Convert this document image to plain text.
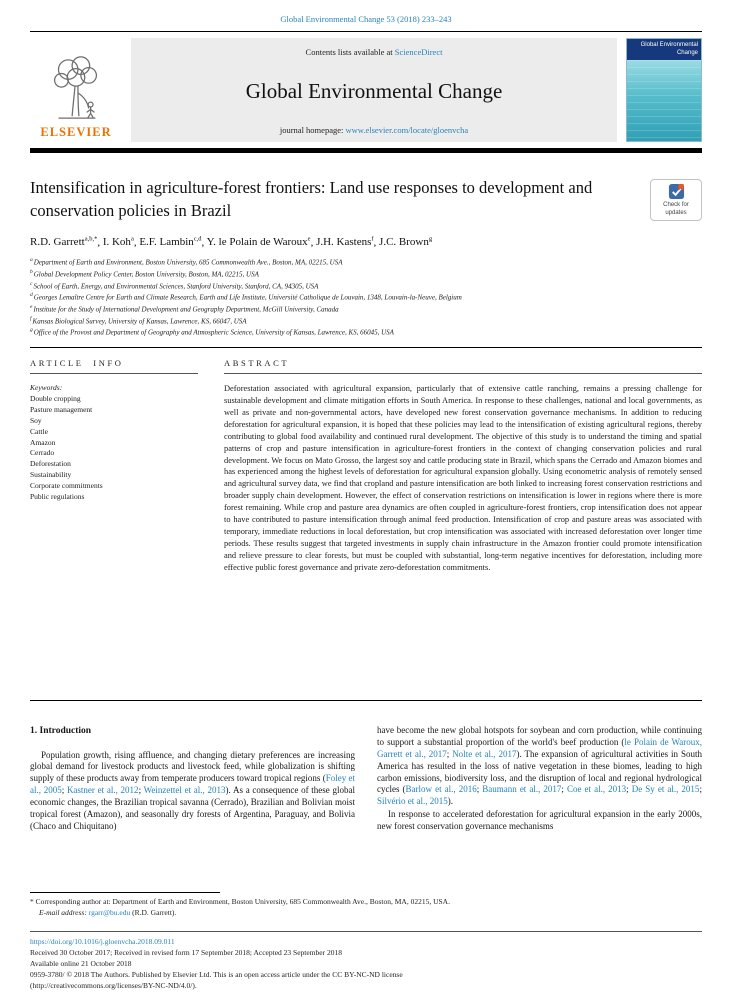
Global Environmental Change 53 (2018) 233–243
ELSEVIER
Contents lists available at ScienceDirect
Global Environmental Change
journal homepage: www.elsevier.com/locate/gloenvcha
Global Environmental Change
Intensification in agriculture-forest frontiers: Land use responses to development and conservation policies in Brazil	Check for
updates
R.D. Garrett$^{a,b,*}$, I. Koh$^a$, E.F. Lambin$^{c,d}$, Y. le Polain de Waroux$^e$, J.H. Kastens$^f$, J.C. Brown$^g$
$^a$Department of Earth and Environment, Boston University, 685 Commonwealth Ave., Boston, MA, 02215, USA
$^b$Global Development Policy Center, Boston University, Boston, MA, 02215, USA
$^c$School of Earth, Energy, and Environmental Sciences, Stanford University, Stanford, CA, 94305, USA
$^d$Georges Lemaître Centre for Earth and Climate Research, Earth and Life Institute, Université Catholique de Louvain, 1348, Louvain-la-Neuve, Belgium
$^e$Institute for the Study of International Development and Geography Department, McGill University, Canada
$^f$Kansas Biological Survey, University of Kansas, Lawrence, KS, 66047, USA
$^g$Office of the Provost and Department of Geography and Atmospheric Science, University of Kansas, Lawrence, KS, 66045, USA
ARTICLE INFO
Keywords:
Double cropping
Pasture management
Soy
Cattle
Amazon
Cerrado
Deforestation
Sustainability
Corporate commitments
Public regulations
ABSTRACT

Deforestation associated with agricultural expansion, particularly that of extensive cattle ranching, remains a pressing challenge for sustainable development and climate mitigation efforts in South America. In response to these challenges, national and local governments, as well as private and non-governmental actors, have developed new forest conservation governance mechanisms. In addition to reducing deforestation for agricultural expansion, it is hoped that these policies may lead to the intensification of existing agricultural regions, thereby contributing to global food availability and continued rural development. The objective of this study is to understand the timing and spatial patterns of crop and pasture intensification in agriculture-forest frontiers in the context of changing conservation policies and rural development. We focus on Mato Grosso, the largest soy and cattle producing state in Brazil, which spans the Cerrado and Amazon biomes and has experienced among the highest levels of deforestation for agricultural expansion globally. Using econometric analysis of remotely sensed and agricultural survey data, we find that cropland and pasture intensification are both linked to increasing forest conservation restrictions and broader supply chain development. However, the effect of conservation restrictions on intensification is lower in regions where there is more forest remaining. While crop and pasture area dynamics are often coupled in agriculture-forest frontiers, crop intensification does not appear to have contributed to pasture intensification through animal feed production. Intensification of crop and pasture areas was associated with temporary, immediate reductions in local deforestation, but crop intensification was associated with increased deforestation over longer time periods. These results suggest that targeted investments in supply chain infrastructure in the Amazon frontier could promote intensification and relieve pressure to clear forests, but must be coupled with substantial, long-term negative incentives for deforestation, including more effective public forest governance and private zero-deforestation commitments.

1. Introduction

Population growth, rising affluence, and changing dietary preferences are increasing global demand for livestock products and livestock feed, while globalization is shifting supply of these products away from temperate producers toward tropical regions (Foley et al., 2005; Kastner et al., 2012; Weinzettel et al., 2013). As a consequence of these global economic changes, the Brazilian tropical savanna (Cerrado), Brazilian and Bolivian moist tropical forest (Amazon), and seasonally dry forests of Argentina, Paraguay, and Bolivia (Chaco and Chiquitano)

have become the new global hotspots for soybean and corn production, while continuing to support a substantial proportion of the world's beef production (le Polain de Waroux, Garrett et al., 2017; Nolte et al., 2017). The expansion of agricultural activities in South America has resulted in the loss of native vegetation in these biomes, leading to high carbon emissions, biodiversity loss, and the disruption of local and regional hydrological cycles (Barlow et al., 2016; Baumann et al., 2017; Coe et al., 2013; De Sy et al., 2015; Silvério et al., 2015).

In response to accelerated deforestation for agricultural expansion in the early 2000s, new forest conservation governance mechanisms

* Corresponding author at: Department of Earth and Environment, Boston University, 685 Commonwealth Ave., Boston, MA, 02215, USA.

E-mail address: rgarr@bu.edu (R.D. Garrett).

https://doi.org/10.1016/j.gloenvcha.2018.09.011

Received 30 October 2017; Received in revised form 17 September 2018; Accepted 23 September 2018

Available online 21 October 2018

0959-3780/ © 2018 The Authors. Published by Elsevier Ltd. This is an open access article under the CC BY-NC-ND license

(http://creativecommons.org/licenses/BY-NC-ND/4.0/).
